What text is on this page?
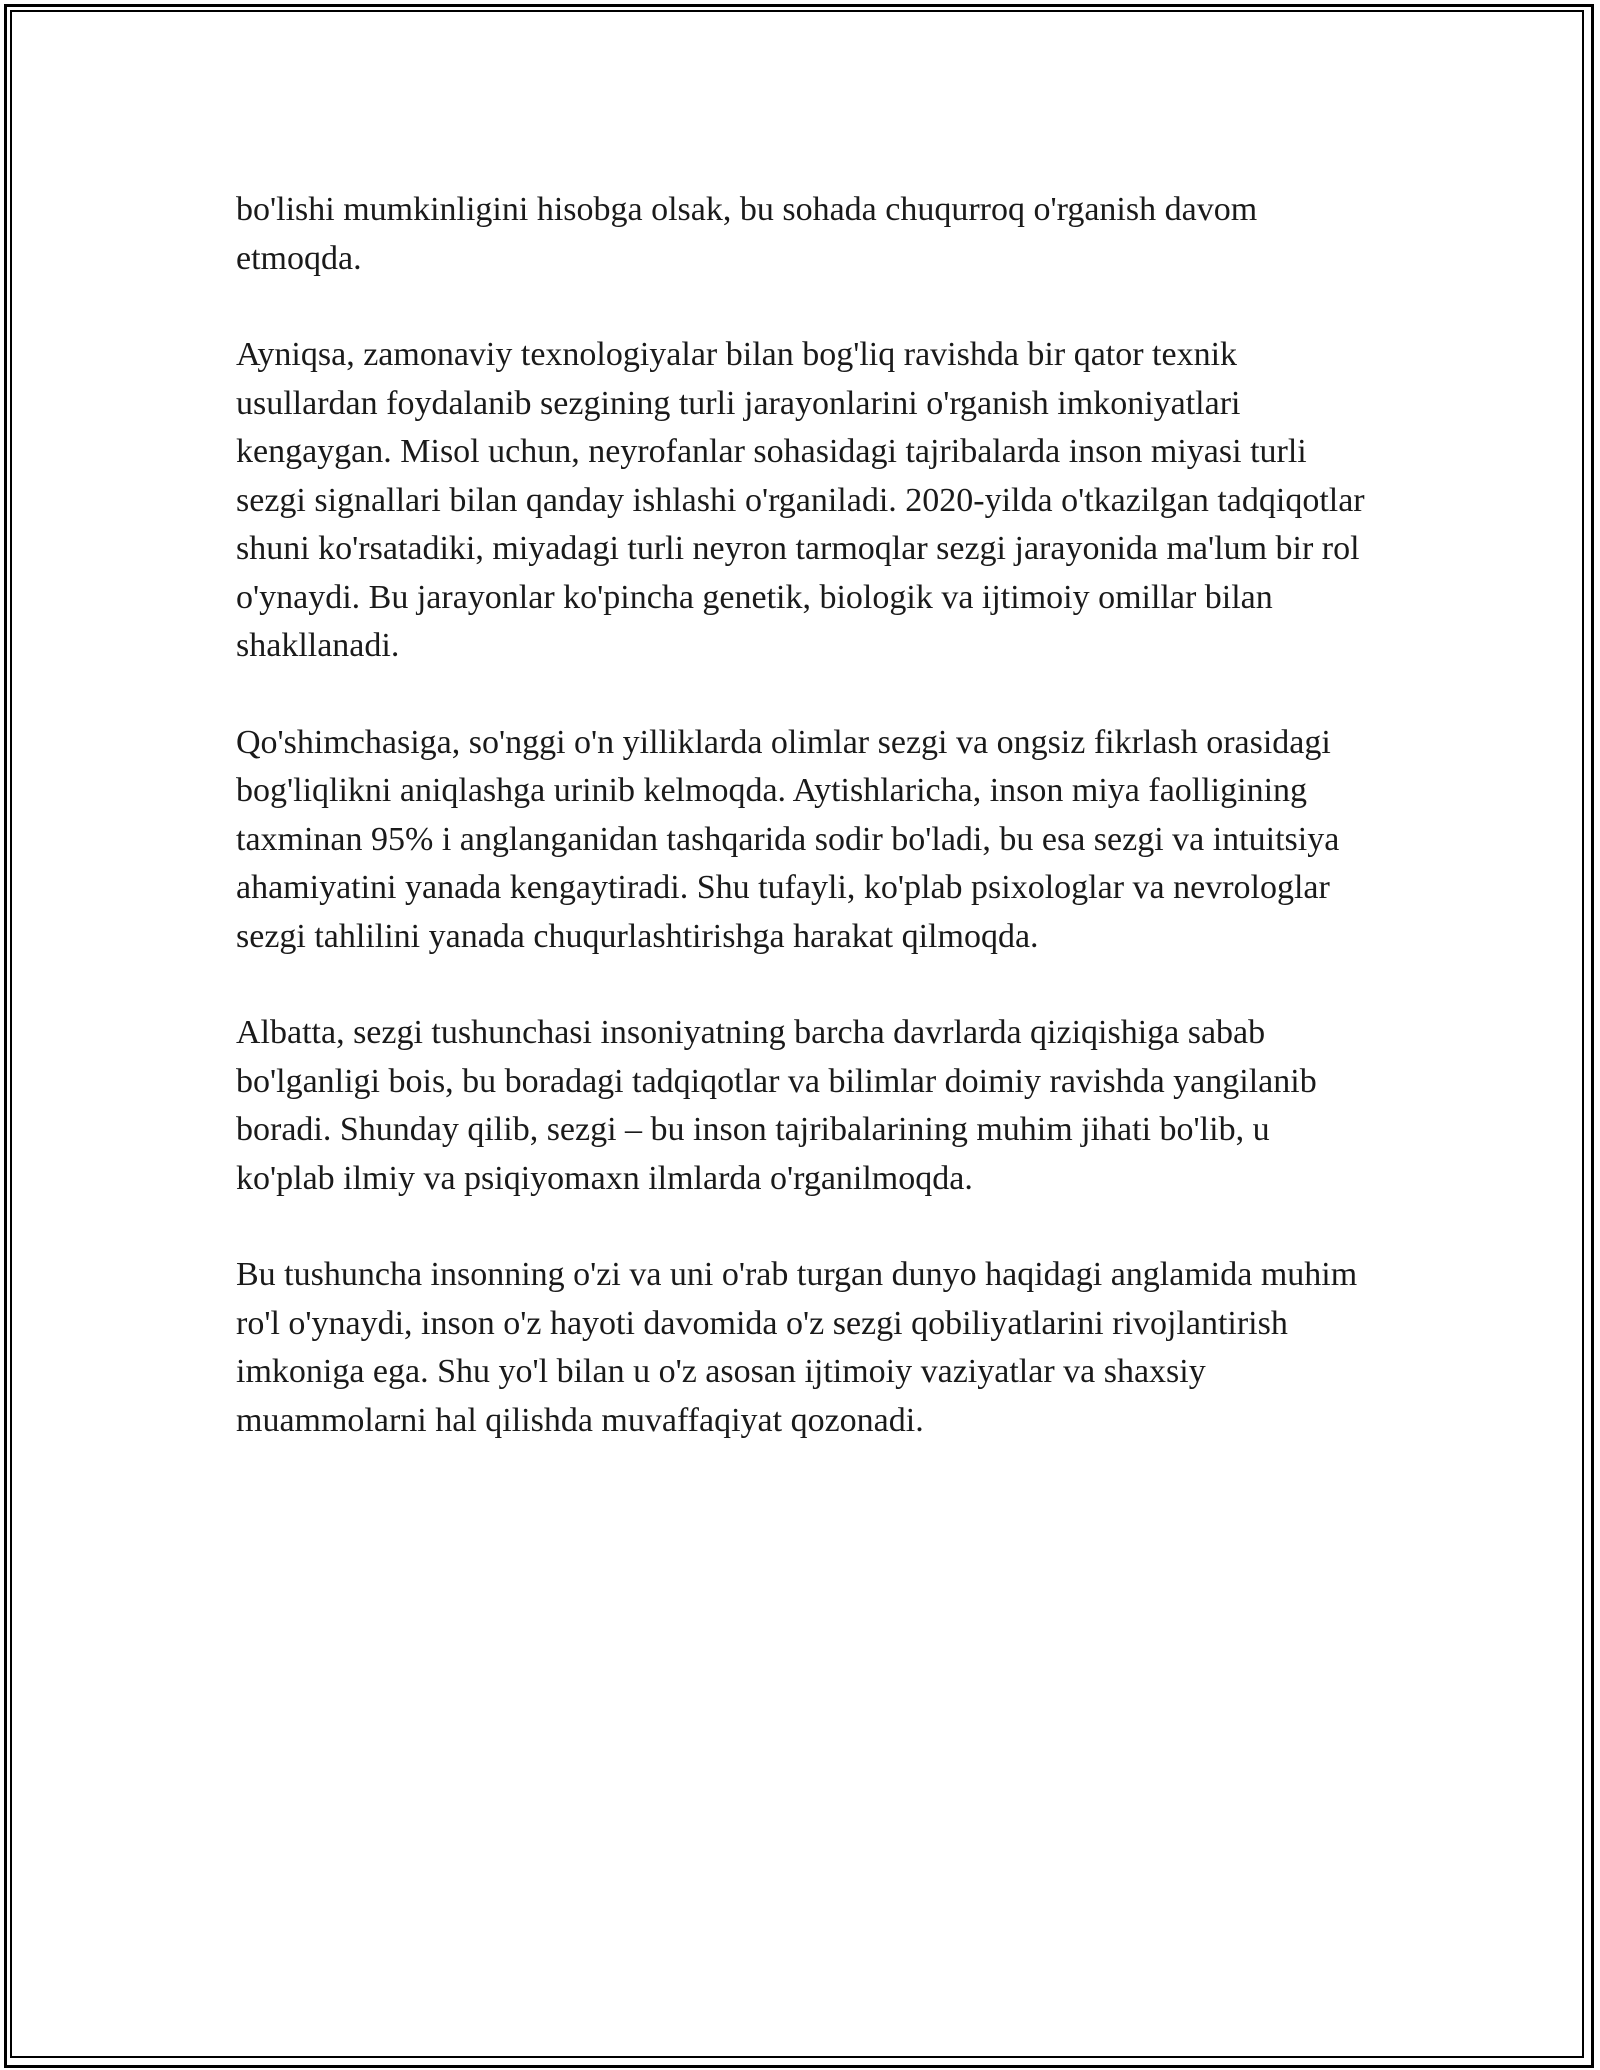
bo'lishi mumkinligini hisobga olsak, bu sohada chuqurroq o'rganish davom etmoqda.

Ayniqsa, zamonaviy texnologiyalar bilan bog'liq ravishda bir qator texnik usullardan foydalanib sezgining turli jarayonlarini o'rganish imkoniyatlari kengaygan. Misol uchun, neyrofanlar sohasidagi tajribalarda inson miyasi turli sezgi signallari bilan qanday ishlashi o'rganiladi. 2020-yilda o'tkazilgan tadqiqotlar shuni ko'rsatadiki, miyadagi turli neyron tarmoqlar sezgi jarayonida ma'lum bir rol o'ynaydi. Bu jarayonlar ko'pincha genetik, biologik va ijtimoiy omillar bilan shakllanadi.

Qo'shimchasiga, so'nggi o'n yilliklarda olimlar sezgi va ongsiz fikrlash orasidagi bog'liqlikni aniqlashga urinib kelmoqda. Aytishlaricha, inson miya faolligining taxminan 95% i anglanganidan tashqarida sodir bo'ladi, bu esa sezgi va intuitsiya ahamiyatini yanada kengaytiradi. Shu tufayli, ko'plab psixologlar va nevrologlar sezgi tahlilini yanada chuqurlashtirishga harakat qilmoqda.

Albatta, sezgi tushunchasi insoniyatning barcha davrlarda qiziqishiga sabab bo'lganligi bois, bu boradagi tadqiqotlar va bilimlar doimiy ravishda yangilanib boradi. Shunday qilib, sezgi – bu inson tajribalarining muhim jihati bo'lib, u ko'plab ilmiy va psiqiyomaxn ilmlarda o'rganilmoqda.

Bu tushuncha insonning o'zi va uni o'rab turgan dunyo haqidagi anglamida muhim ro'l o'ynaydi, inson o'z hayoti davomida o'z sezgi qobiliyatlarini rivojlantirish imkoniga ega. Shu yo'l bilan u o'z asosan ijtimoiy vaziyatlar va shaxsiy muammolarni hal qilishda muvaffaqiyat qozonadi.
